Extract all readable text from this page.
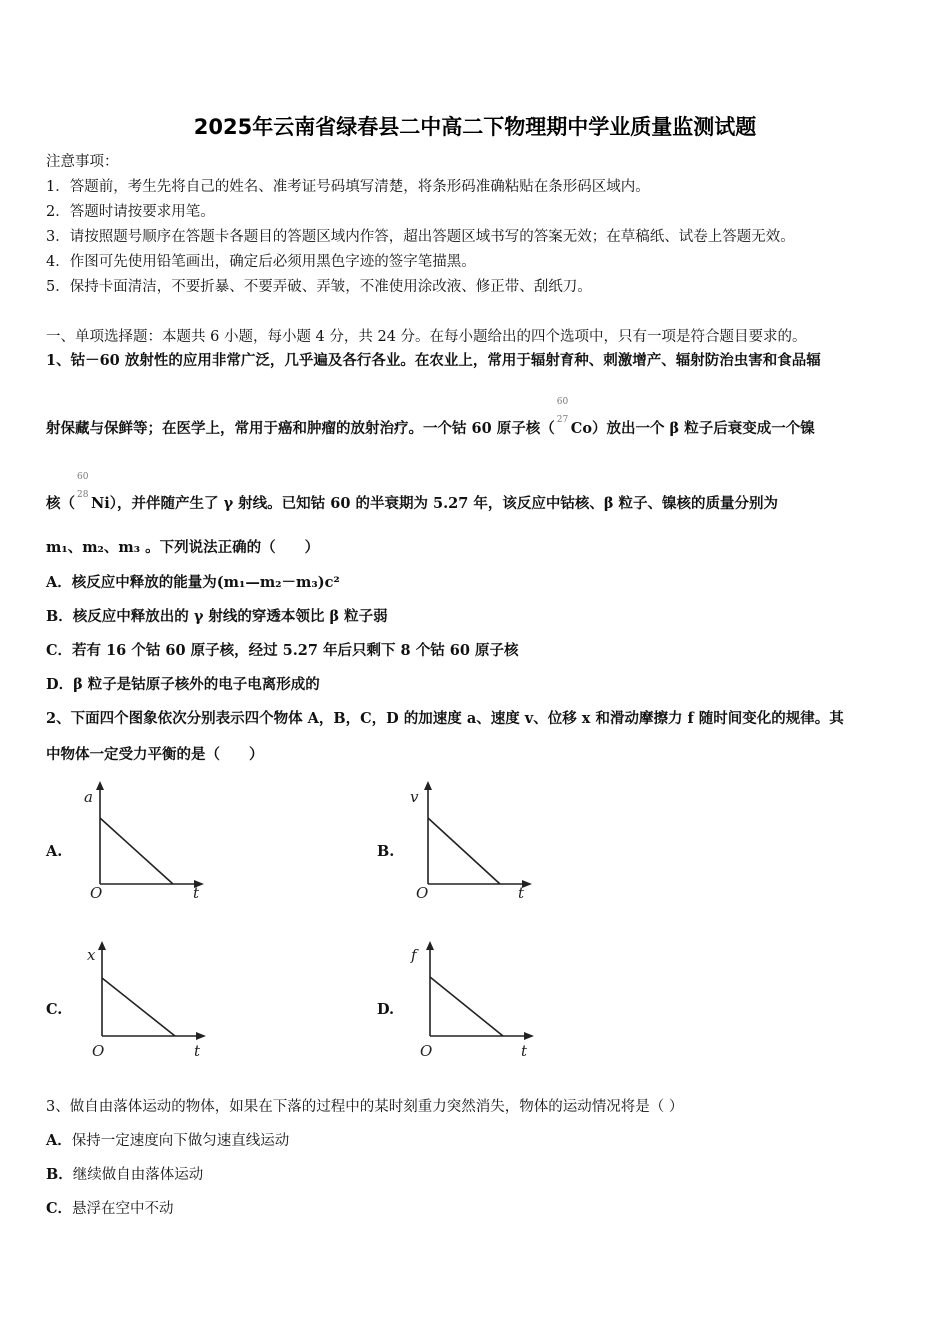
2025年云南省绿春县二中高二下物理期中学业质量监测试题
注意事项：
1．答题前，考生先将自己的姓名、准考证号码填写清楚，将条形码准确粘贴在条形码区域内。
2．答题时请按要求用笔。
3．请按照题号顺序在答题卡各题目的答题区域内作答，超出答题区域书写的答案无效；在草稿纸、试卷上答题无效。
4．作图可先使用铅笔画出，确定后必须用黑色字迹的签字笔描黑。
5．保持卡面清洁，不要折暴、不要弄破、弄皱，不准使用涂改液、修正带、刮纸刀。
一、单项选择题：本题共 6 小题，每小题 4 分，共 24 分。在每小题给出的四个选项中，只有一项是符合题目要求的。
1、钴－60 放射性的应用非常广泛，几乎遍及各行各业。在农业上，常用于辐射育种、刺激增产、辐射防治虫害和食品辐
射保藏与保鲜等；在医学上，常用于癌和肿瘤的放射治疗。一个钴 60 原子核（
60
27 Co）放出一个 β 粒子后衰变成一个镍
核（
60
28 Ni），并伴随产生了 γ 射线。已知钴 60 的半衰期为 5.27 年，该反应中钴核、β 粒子、镍核的质量分别为
m₁、m₂、m₃ 。下列说法正确的（　　）
A．核反应中释放的能量为(m₁—m₂－m₃)c²
B．核反应中释放出的 γ 射线的穿透本领比 β 粒子弱
C．若有 16 个钴 60 原子核，经过 5.27 年后只剩下 8 个钴 60 原子核
D．β 粒子是钴原子核外的电子电离形成的
2、下面四个图象依次分别表示四个物体 A，B，C，D 的加速度 a、速度 v、位移 x 和滑动摩擦力 f 随时间变化的规律。其
中物体一定受力平衡的是（　　）
A.
a
O	t
B.
v
O	t
C.
x
O	t
D.
f
O	t
3、做自由落体运动的物体，如果在下落的过程中的某时刻重力突然消失，物体的运动情况将是（ ）
A．保持一定速度向下做匀速直线运动
B．继续做自由落体运动
C．悬浮在空中不动
